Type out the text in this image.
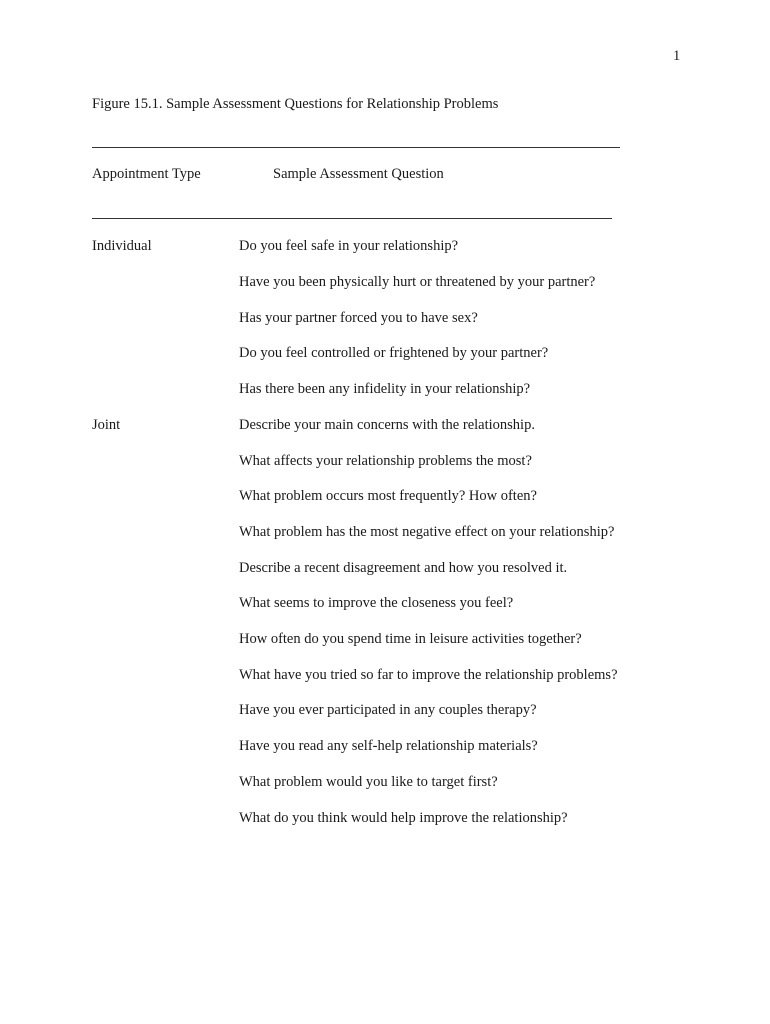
1
Figure 15.1. Sample Assessment Questions for Relationship Problems
Appointment Type	Sample Assessment Question
Individual	Do you feel safe in your relationship?
Have you been physically hurt or threatened by your partner?
Has your partner forced you to have sex?
Do you feel controlled or frightened by your partner?
Has there been any infidelity in your relationship?
Joint	Describe your main concerns with the relationship.
What affects your relationship problems the most?
What problem occurs most frequently? How often?
What problem has the most negative effect on your relationship?
Describe a recent disagreement and how you resolved it.
What seems to improve the closeness you feel?
How often do you spend time in leisure activities together?
What have you tried so far to improve the relationship problems?
Have you ever participated in any couples therapy?
Have you read any self-help relationship materials?
What problem would you like to target first?
What do you think would help improve the relationship?
